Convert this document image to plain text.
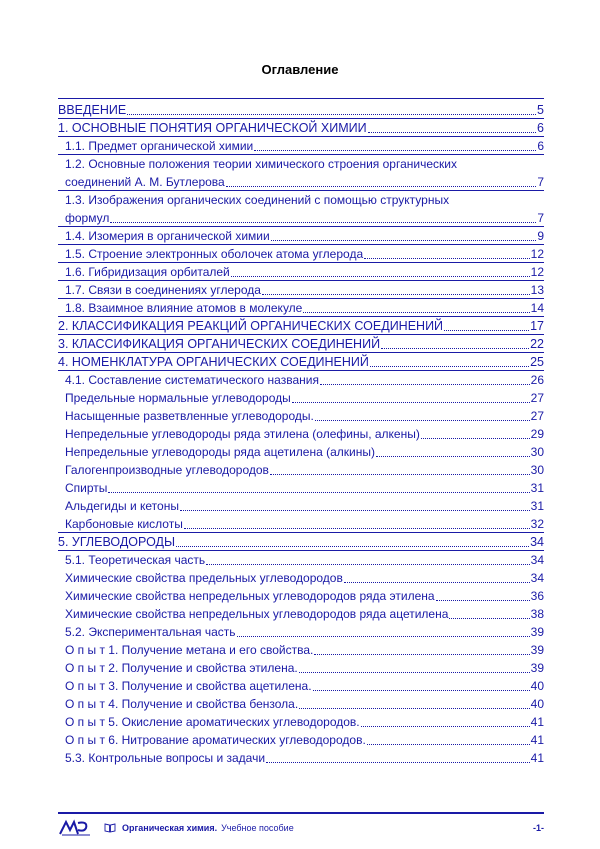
Оглавление
ВВЕДЕНИЕ	5
1. ОСНОВНЫЕ ПОНЯТИЯ ОРГАНИЧЕСКОЙ ХИМИИ	6
1.1. Предмет органической химии	6
1.2. Основные положения теории химического строения органических
соединений А. М. Бутлерова	7
1.3. Изображения органических соединений с помощью структурных
формул	7
1.4. Изомерия в органической химии	9
1.5. Строение электронных оболочек атома углерода	12
1.6. Гибридизация орбиталей	12
1.7. Связи в соединениях углерода	13
1.8. Взаимное влияние атомов в молекуле	14
2. КЛАССИФИКАЦИЯ РЕАКЦИЙ ОРГАНИЧЕСКИХ СОЕДИНЕНИЙ	17
3. КЛАССИФИКАЦИЯ ОРГАНИЧЕСКИХ СОЕДИНЕНИЙ	22
4. НОМЕНКЛАТУРА ОРГАНИЧЕСКИХ СОЕДИНЕНИЙ	25
4.1. Составление систематического названия	26
Предельные нормальные углеводороды	27
Насыщенные разветвленные углеводороды.	27
Непредельные углеводороды ряда этилена (олефины, алкены)	29
Непредельные углеводороды ряда ацетилена (алкины)	30
Галогенпроизводные углеводородов	30
Спирты	31
Альдегиды и кетоны	31
Карбоновые кислоты	32
5. УГЛЕВОДОРОДЫ	34
5.1. Теоретическая часть	34
Химические свойства предельных углеводородов	34
Химические свойства непредельных углеводородов ряда этилена	36
Химические свойства непредельных углеводородов ряда ацетилена	38
5.2. Экспериментальная часть	39
О п ы т 1. Получение метана и его свойства.	39
О п ы т 2. Получение и свойства этилена.	39
О п ы т 3. Получение и свойства ацетилена.	40
О п ы т 4. Получение и свойства бензола.	40
О п ы т 5. Окисление ароматических углеводородов.	41
О п ы т 6. Нитрование ароматических углеводородов.	41
5.3. Контрольные вопросы и задачи	41
Органическая химия. Учебное пособие	-1-
